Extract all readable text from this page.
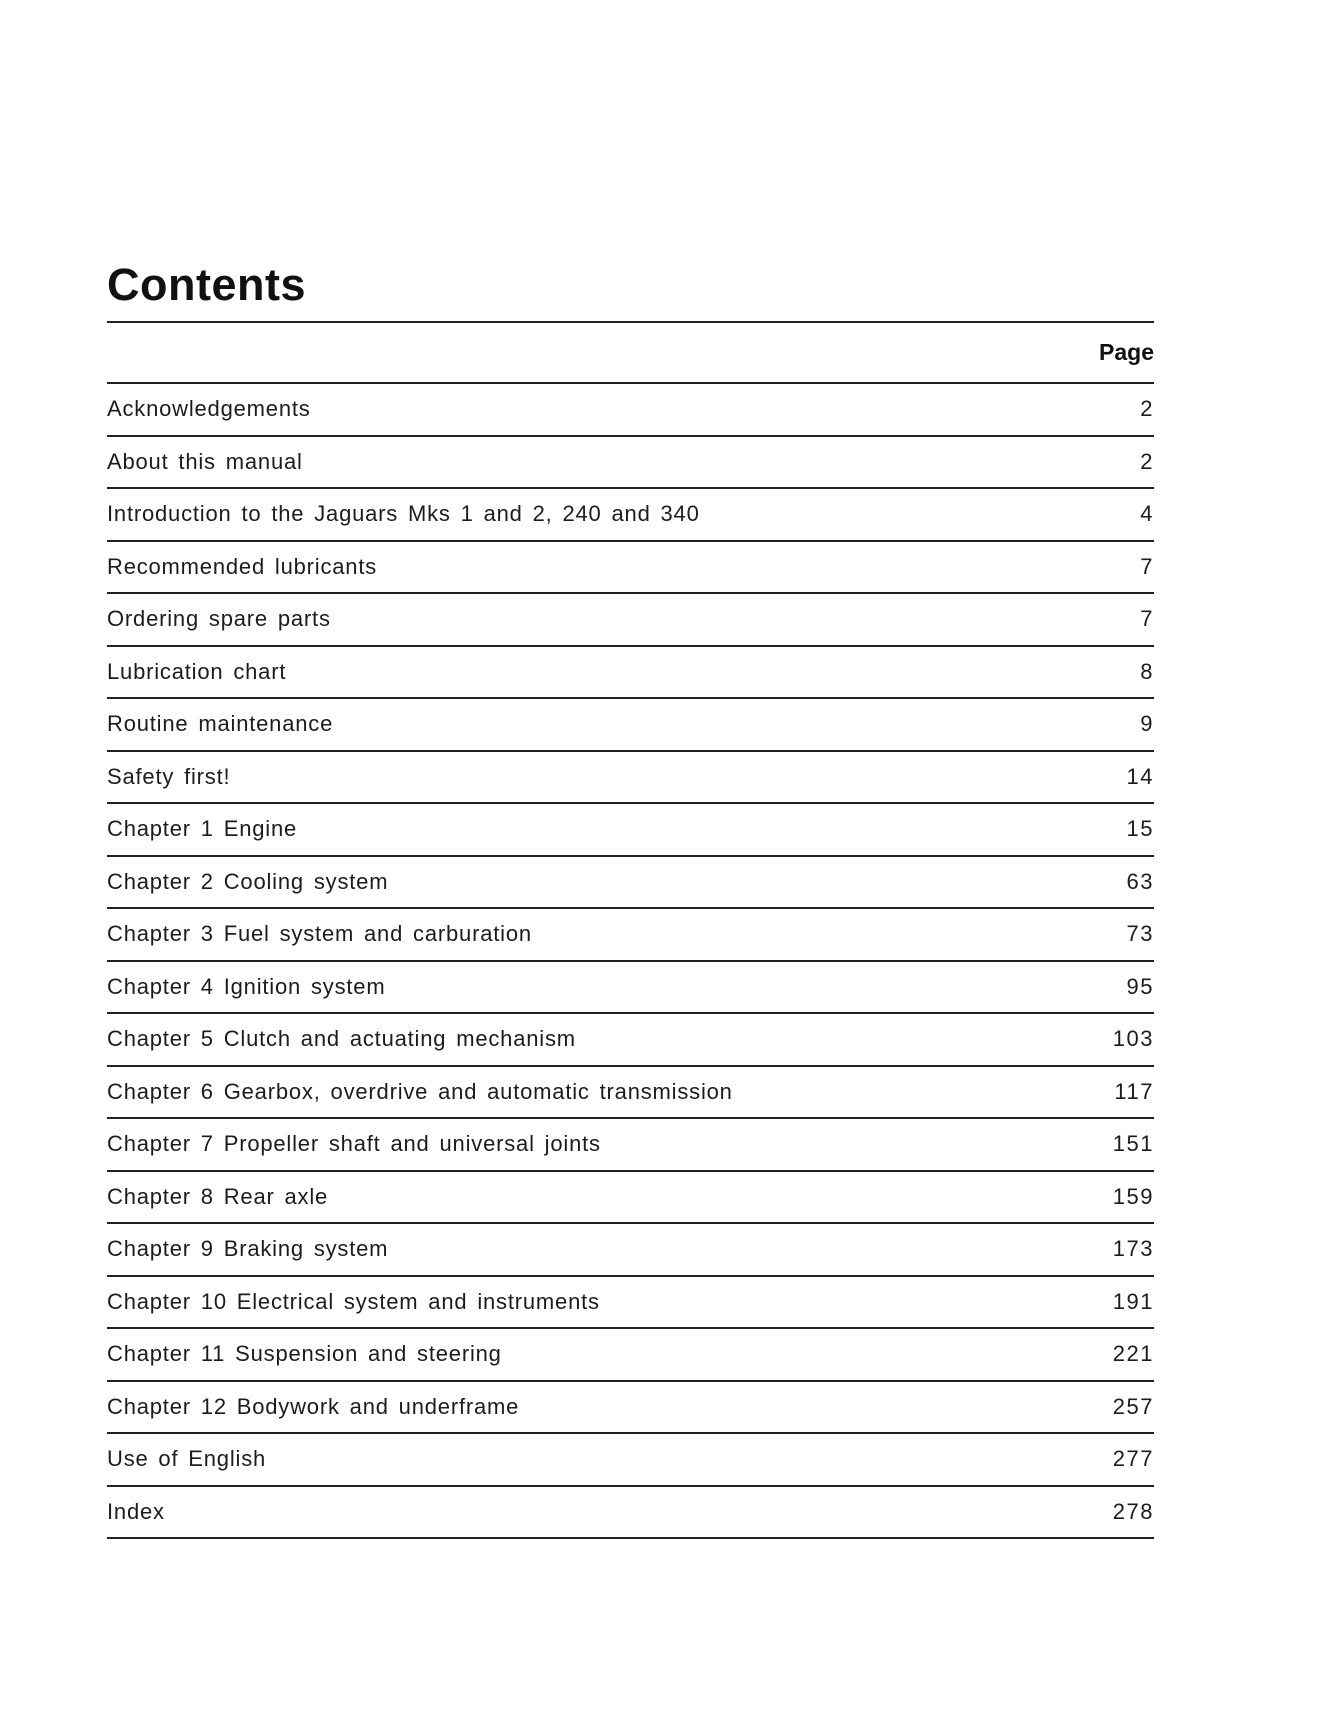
Contents
Page
Acknowledgements	2
About this manual	2
Introduction to the Jaguars Mks 1 and 2, 240 and 340	4
Recommended lubricants	7
Ordering spare parts	7
Lubrication chart	8
Routine maintenance	9
Safety first!	14
Chapter 1 Engine	15
Chapter 2 Cooling system	63
Chapter 3 Fuel system and carburation	73
Chapter 4 Ignition system	95
Chapter 5 Clutch and actuating mechanism	103
Chapter 6 Gearbox, overdrive and automatic transmission	117
Chapter 7 Propeller shaft and universal joints	151
Chapter 8 Rear axle	159
Chapter 9 Braking system	173
Chapter 10 Electrical system and instruments	191
Chapter 11 Suspension and steering	221
Chapter 12 Bodywork and underframe	257
Use of English	277
Index	278
